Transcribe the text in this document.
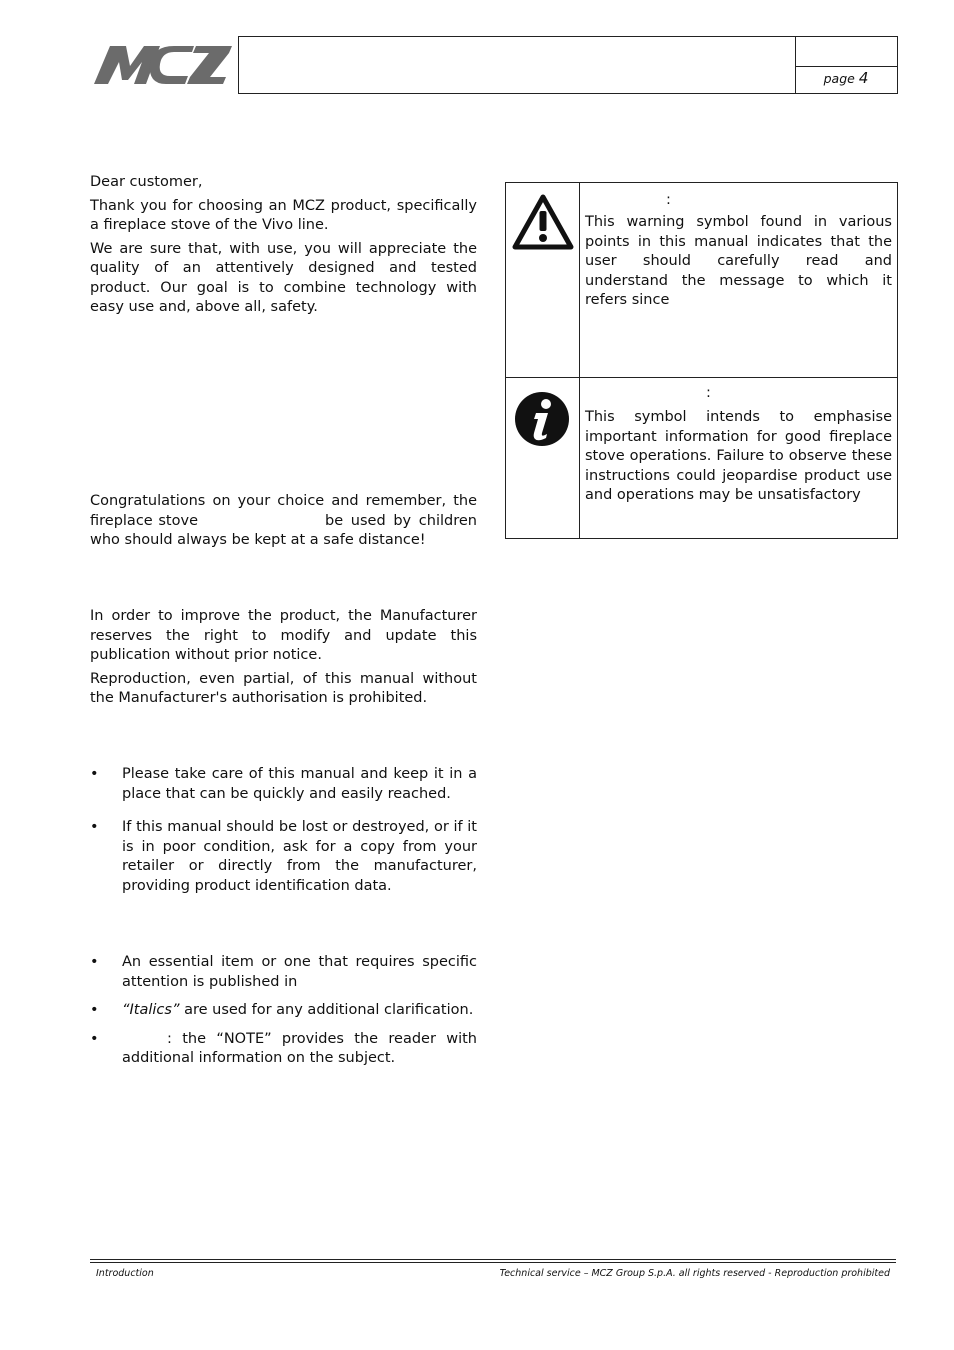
page 4

Dear customer,

Thank you for choosing an MCZ product, specifically a fireplace stove of the Vivo line.

We are sure that, with use, you will appreciate the quality of an attentively designed and tested product. Our goal is to combine technology with easy use and, above all, safety.

Congratulations on your choice and remember, the

fireplace stove	be used by children

who should always be kept at a safe distance!

In order to improve the product, the Manufacturer reserves the right to modify and update this publication without prior notice.

Reproduction, even partial, of this manual without the Manufacturer's authorisation is prohibited.

• Please take care of this manual and keep it in a place that can be quickly and easily reached.
• If this manual should be lost or destroyed, or if it is in poor condition, ask for a copy from your retailer or directly from the manufacturer, providing product identification data.
• An essential item or one that requires specific attention is published in
• “Italics” are used for any additional clarification.
•	: the “NOTE” provides the reader with additional information on the subject.
:
This warning symbol found in various points in this manual indicates that the user should carefully read and understand the message to which it refers since
:
This symbol intends to emphasise important information for good fireplace stove operations. Failure to observe these instructions could jeopardise product use and operations may be unsatisfactory
Introduction	Technical service – MCZ Group S.p.A. all rights reserved - Reproduction prohibited
